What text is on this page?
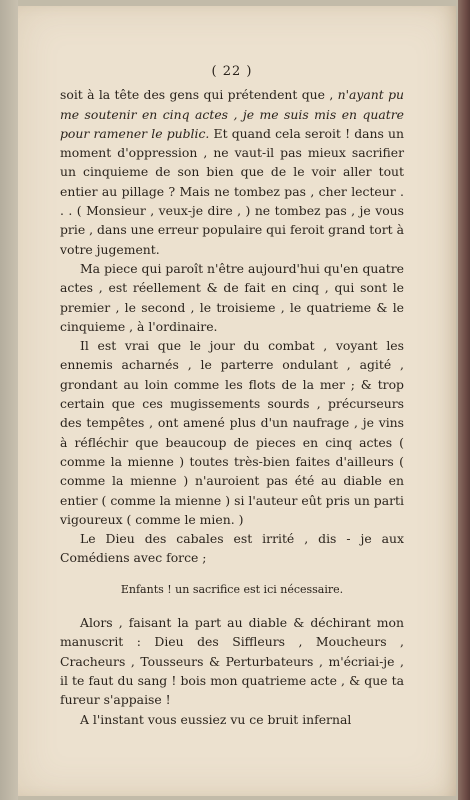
( 22 )

soit à la tête des gens qui prétendent que , n'ayant pu me soutenir en cinq actes , je me suis mis en quatre pour ramener le public. Et quand cela seroit ! dans un moment d'oppression , ne vaut-il pas mieux sacrifier un cinquieme de son bien que de le voir aller tout entier au pillage ? Mais ne tombez pas , cher lecteur . . . ( Monsieur , veux-je dire , ) ne tombez pas , je vous prie , dans une erreur populaire qui feroit grand tort à votre jugement.

Ma piece qui paroît n'être aujourd'hui qu'en quatre actes , est réellement & de fait en cinq , qui sont le premier , le second , le troisieme , le quatrieme & le cinquieme , à l'ordinaire.

Il est vrai que le jour du combat , voyant les ennemis acharnés , le parterre ondulant , agité , grondant au loin comme les flots de la mer ; & trop certain que ces mugissements sourds , précurseurs des tempêtes , ont amené plus d'un naufrage , je vins à réfléchir que beaucoup de pieces en cinq actes ( comme la mienne ) toutes très-bien faites d'ailleurs ( comme la mienne ) n'auroient pas été au diable en entier ( comme la mienne ) si l'auteur eût pris un parti vigoureux ( comme le mien. )

Le Dieu des cabales est irrité , dis - je aux Comédiens avec force ;

Enfants ! un sacrifice est ici nécessaire.

Alors , faisant la part au diable & déchirant mon manuscrit : Dieu des Siffleurs , Moucheurs , Cracheurs , Tousseurs & Perturbateurs , m'écriai-je , il te faut du sang ! bois mon quatrieme acte , & que ta fureur s'appaise !

A l'instant vous eussiez vu ce bruit infernal
